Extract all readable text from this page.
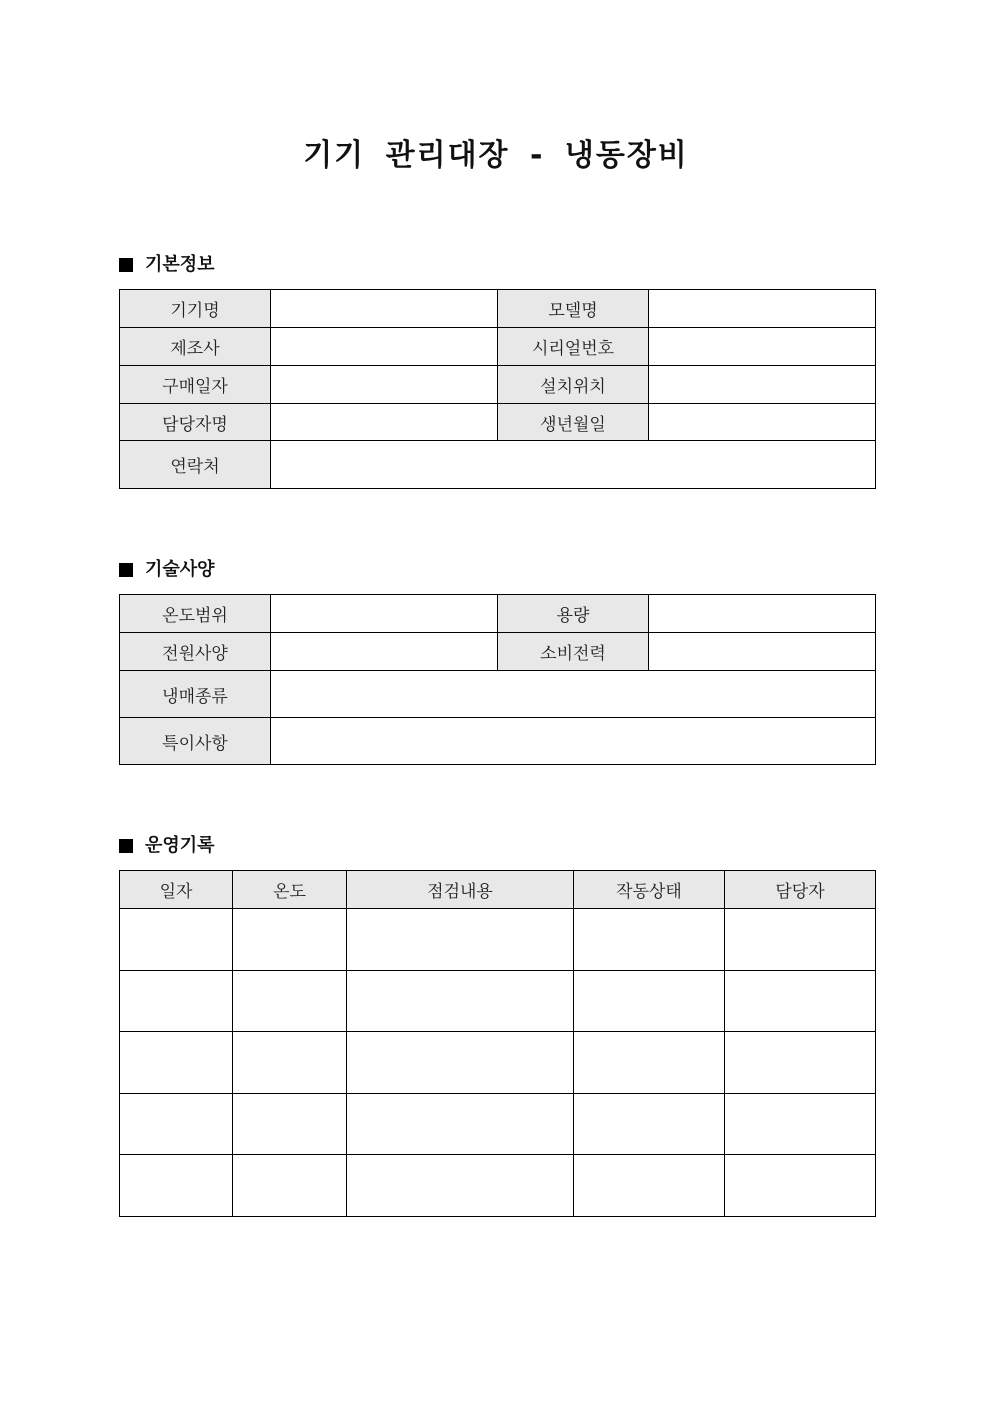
기기 관리대장 - 냉동장비
기본정보
기기명		모델명	
제조사		시리얼번호	
구매일자		설치위치	
담당자명		생년월일	
연락처			
기술사양
온도범위		용량	
전원사양		소비전력	
냉매종류			
특이사항			
운영기록
일자	온도	점검내용	작동상태	담당자
